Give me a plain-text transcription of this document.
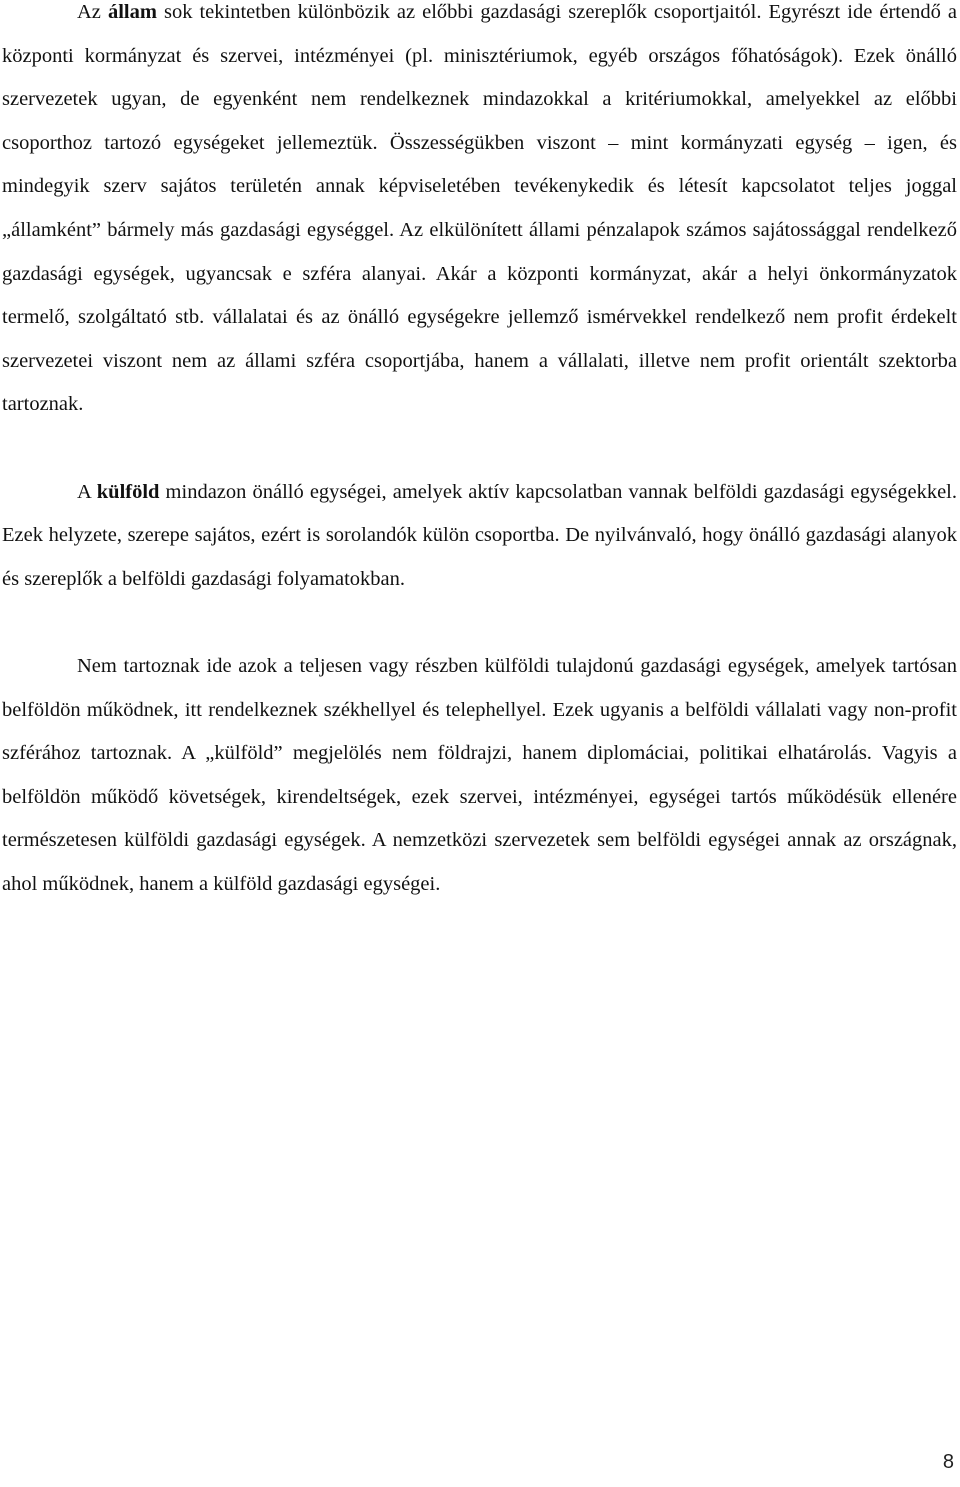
Az állam sok tekintetben különbözik az előbbi gazdasági szereplők csoportjaitól. Egyrészt ide értendő a központi kormányzat és szervei, intézményei (pl. minisztériumok, egyéb országos főhatóságok). Ezek önálló szervezetek ugyan, de egyenként nem rendelkeznek mindazokkal a kritériumokkal, amelyekkel az előbbi csoporthoz tartozó egységeket jellemeztük. Összességükben viszont – mint kormányzati egység – igen, és mindegyik szerv sajátos területén annak képviseletében tevékenykedik és létesít kapcsolatot teljes joggal „államként” bármely más gazdasági egységgel. Az elkülönített állami pénzalapok számos sajátossággal rendelkező gazdasági egységek, ugyancsak e szféra alanyai. Akár a központi kormányzat, akár a helyi önkormányzatok termelő, szolgáltató stb. vállalatai és az önálló egységekre jellemző ismérvekkel rendelkező nem profit érdekelt szervezetei viszont nem az állami szféra csoportjába, hanem a vállalati, illetve nem profit orientált szektorba tartoznak.

A külföld mindazon önálló egységei, amelyek aktív kapcsolatban vannak belföldi gazdasági egységekkel. Ezek helyzete, szerepe sajátos, ezért is sorolandók külön csoportba. De nyilvánvaló, hogy önálló gazdasági alanyok és szereplők a belföldi gazdasági folyamatokban.

Nem tartoznak ide azok a teljesen vagy részben külföldi tulajdonú gazdasági egységek, amelyek tartósan belföldön működnek, itt rendelkeznek székhellyel és telephellyel. Ezek ugyanis a belföldi vállalati vagy non-profit szférához tartoznak. A „külföld” megjelölés nem földrajzi, hanem diplomáciai, politikai elhatárolás. Vagyis a belföldön működő követségek, kirendeltségek, ezek szervei, intézményei, egységei tartós működésük ellenére természetesen külföldi gazdasági egységek. A nemzetközi szervezetek sem belföldi egységei annak az országnak, ahol működnek, hanem a külföld gazdasági egységei.

8
